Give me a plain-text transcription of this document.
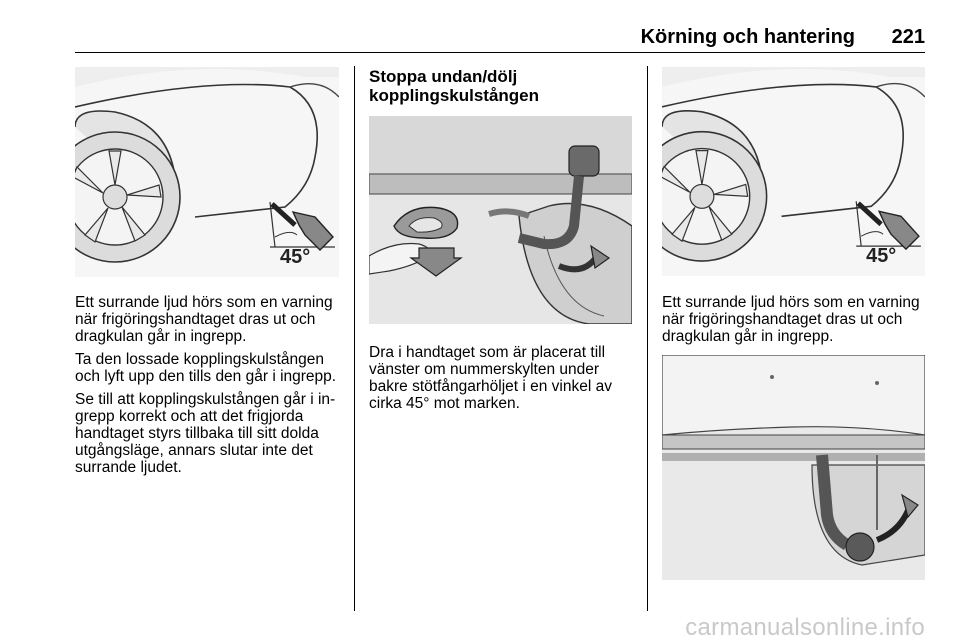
Körning och hantering 221
45°

Ett surrande ljud hörs som en varning när frigöringshandtaget dras ut och dragkulan går in ingrepp.

Ta den lossade kopplingskulstången och lyft upp den tills den går i ingrepp.

Se till att kopplingskulstången går i ingrepp korrekt och att det frigjorda handtaget styrs tillbaka till sitt dolda utgångsläge, annars slutar inte det surrande ljudet.

Stoppa undan/dölj kopplingskulstången

Dra i handtaget som är placerat till vänster om nummerskylten under bakre stötfångarhöljet i en vinkel av cirka 45° mot marken.

45°

Ett surrande ljud hörs som en varning när frigöringshandtaget dras ut och dragkulan går in ingrepp.

carmanualsonline.info
